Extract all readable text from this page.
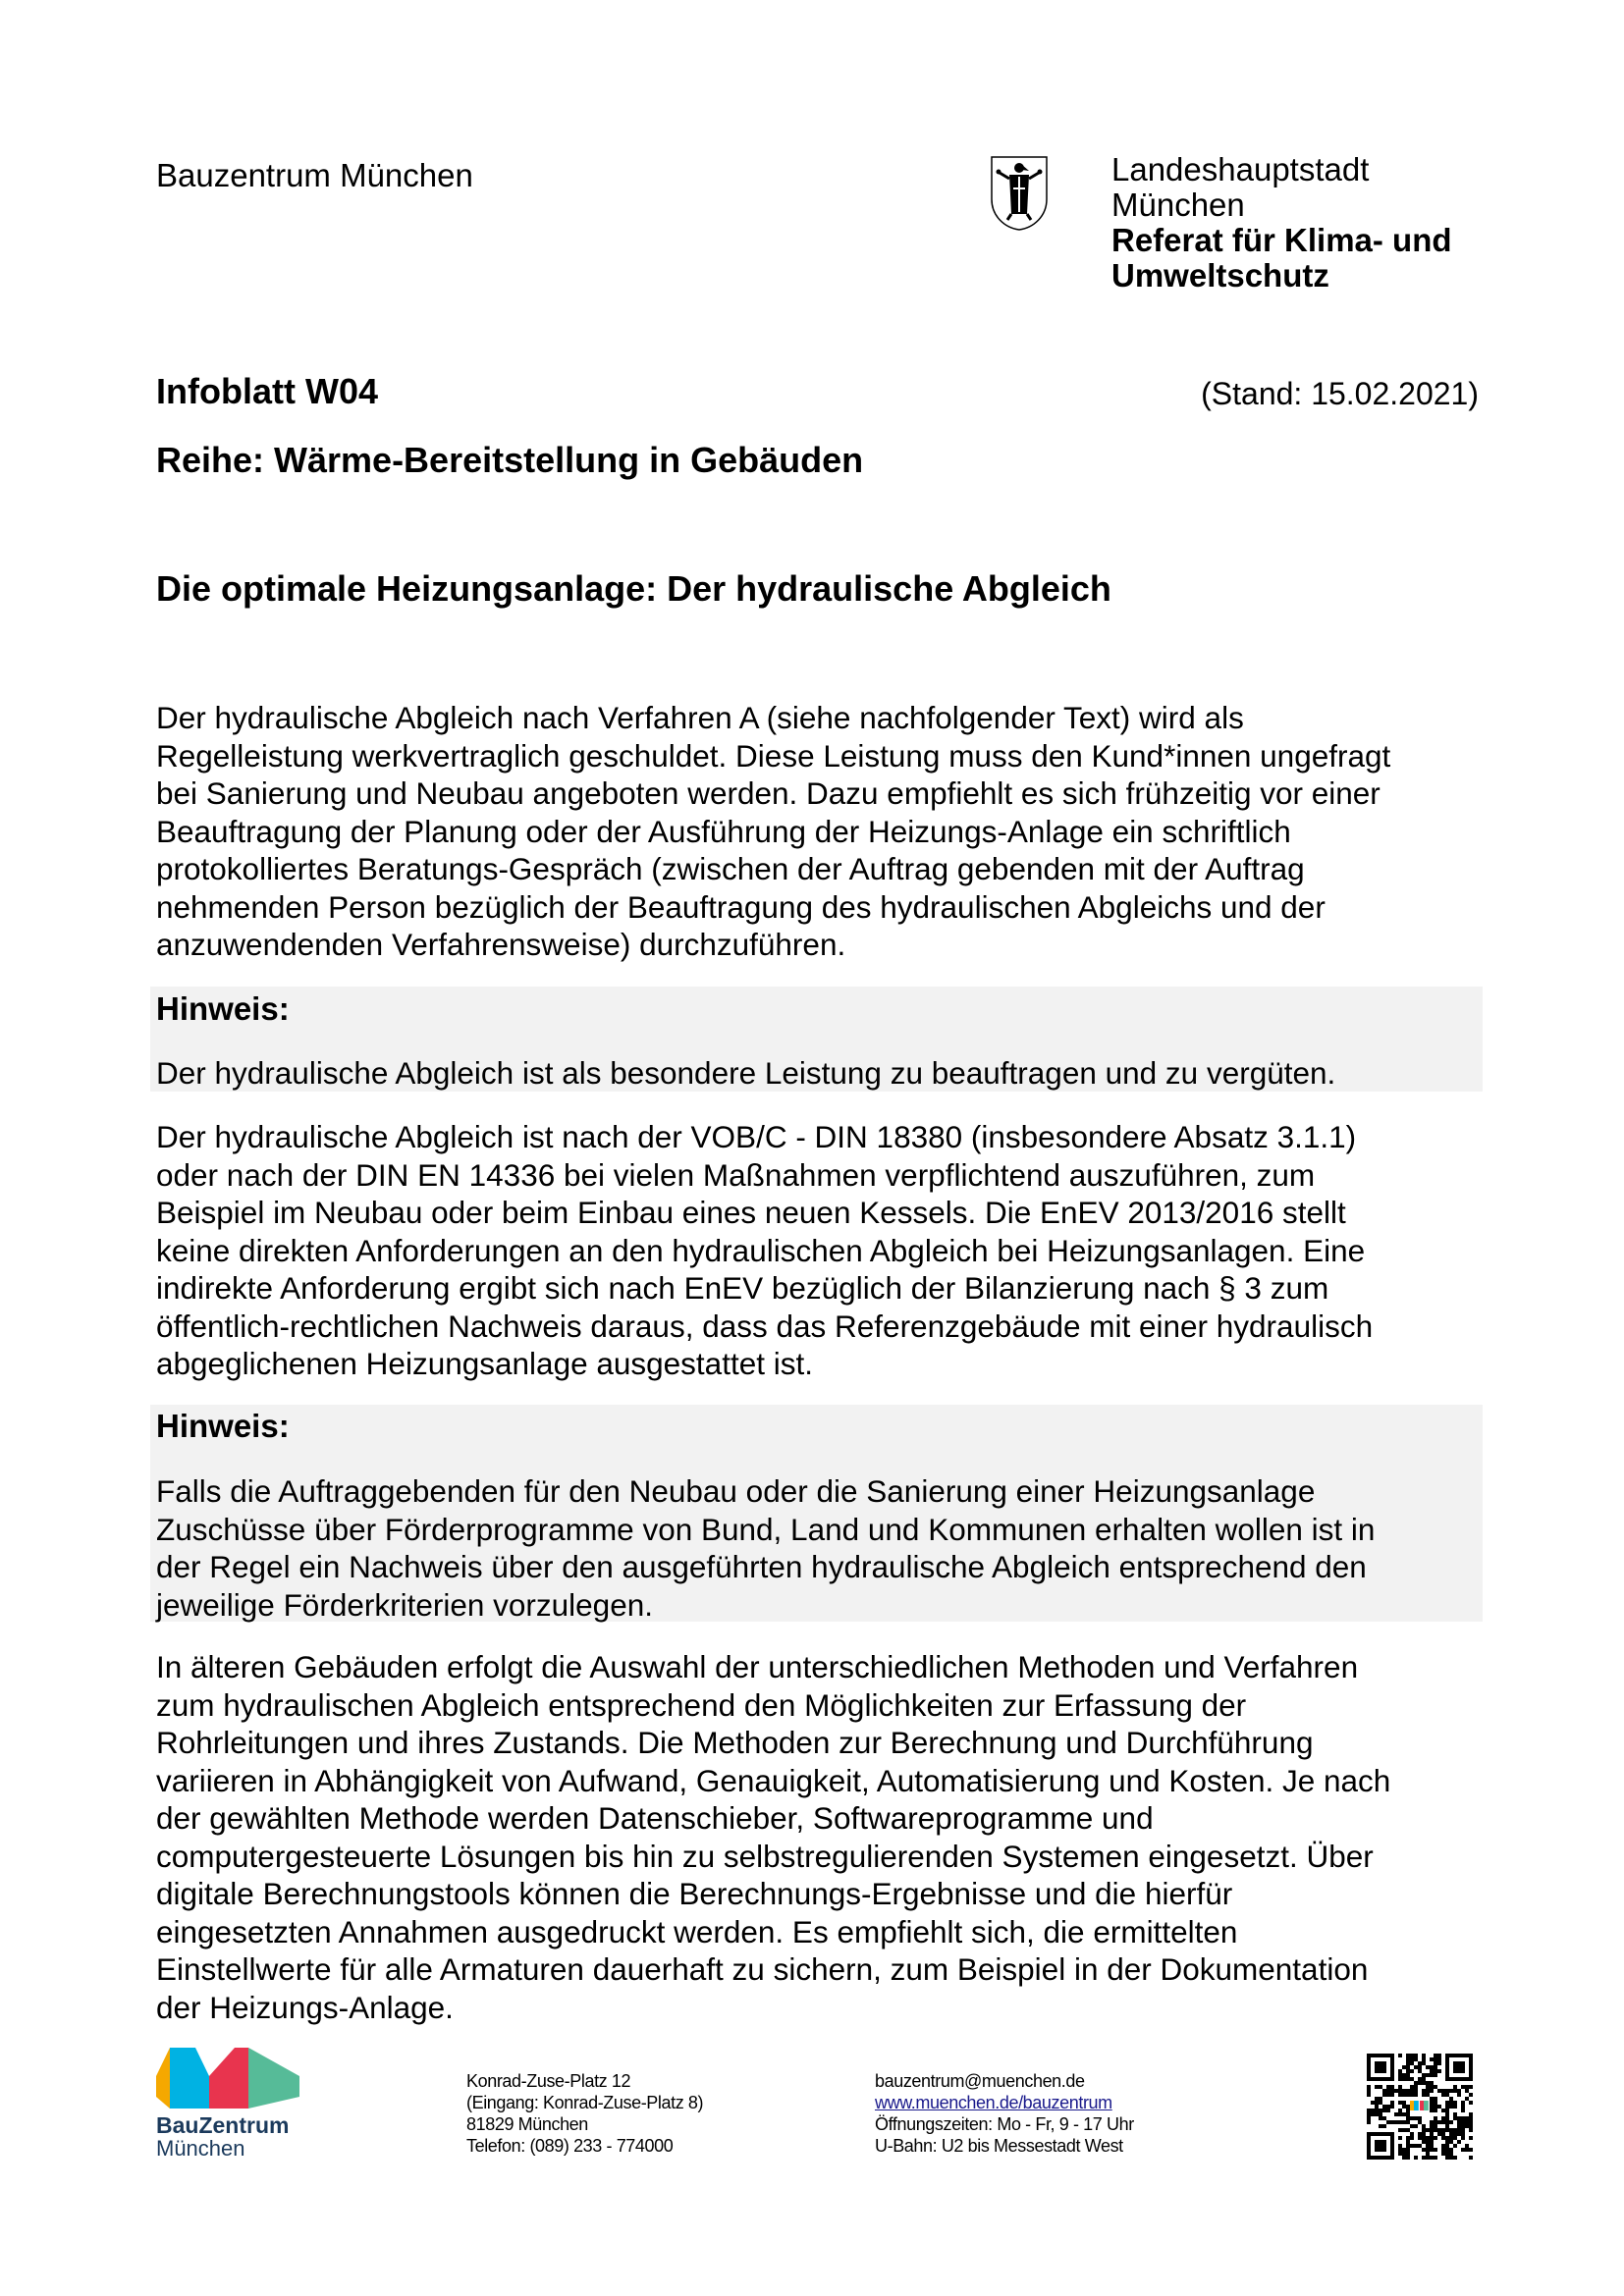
Bauzentrum München	Landeshauptstadt
München
Referat für Klima- und
Umweltschutz
Infoblatt W04	(Stand: 15.02.2021)
Reihe: Wärme-Bereitstellung in Gebäuden
Die optimale Heizungsanlage: Der hydraulische Abgleich
Der hydraulische Abgleich nach Verfahren A (siehe nachfolgender Text) wird als
Regelleistung werkvertraglich geschuldet. Diese Leistung muss den Kund*innen ungefragt
bei Sanierung und Neubau angeboten werden. Dazu empfiehlt es sich frühzeitig vor einer
Beauftragung der Planung oder der Ausführung der Heizungs-Anlage ein schriftlich
protokolliertes Beratungs-Gespräch (zwischen der Auftrag gebenden mit der Auftrag
nehmenden Person bezüglich der Beauftragung des hydraulischen Abgleichs und der
anzuwendenden Verfahrensweise) durchzuführen.
Hinweis:
Der hydraulische Abgleich ist als besondere Leistung zu beauftragen und zu vergüten.
Der hydraulische Abgleich ist nach der VOB/C - DIN 18380 (insbesondere Absatz 3.1.1)
oder nach der DIN EN 14336 bei vielen Maßnahmen verpflichtend auszuführen, zum
Beispiel im Neubau oder beim Einbau eines neuen Kessels. Die EnEV 2013/2016 stellt
keine direkten Anforderungen an den hydraulischen Abgleich bei Heizungsanlagen. Eine
indirekte Anforderung ergibt sich nach EnEV bezüglich der Bilanzierung nach § 3 zum
öffentlich-rechtlichen Nachweis daraus, dass das Referenzgebäude mit einer hydraulisch
abgeglichenen Heizungsanlage ausgestattet ist.
Hinweis:
Falls die Auftraggebenden für den Neubau oder die Sanierung einer Heizungsanlage
Zuschüsse über Förderprogramme von Bund, Land und Kommunen erhalten wollen ist in
der Regel ein Nachweis über den ausgeführten hydraulische Abgleich entsprechend den
jeweilige Förderkriterien vorzulegen.
In älteren Gebäuden erfolgt die Auswahl der unterschiedlichen Methoden und Verfahren
zum hydraulischen Abgleich entsprechend den Möglichkeiten zur Erfassung der
Rohrleitungen und ihres Zustands. Die Methoden zur Berechnung und Durchführung
variieren in Abhängigkeit von Aufwand, Genauigkeit, Automatisierung und Kosten. Je nach
der gewählten Methode werden Datenschieber, Softwareprogramme und
computergesteuerte Lösungen bis hin zu selbstregulierenden Systemen eingesetzt. Über
digitale Berechnungstools können die Berechnungs-Ergebnisse und die hierfür
eingesetzten Annahmen ausgedruckt werden. Es empfiehlt sich, die ermittelten
Einstellwerte für alle Armaturen dauerhaft zu sichern, zum Beispiel in der Dokumentation
der Heizungs-Anlage.
BauZentrum
München
Konrad-Zuse-Platz 12
(Eingang: Konrad-Zuse-Platz 8)
81829 München
Telefon: (089) 233 - 774000
bauzentrum@muenchen.de
www.muenchen.de/bauzentrum
Öffnungszeiten: Mo - Fr, 9 - 17 Uhr
U-Bahn: U2 bis Messestadt West
